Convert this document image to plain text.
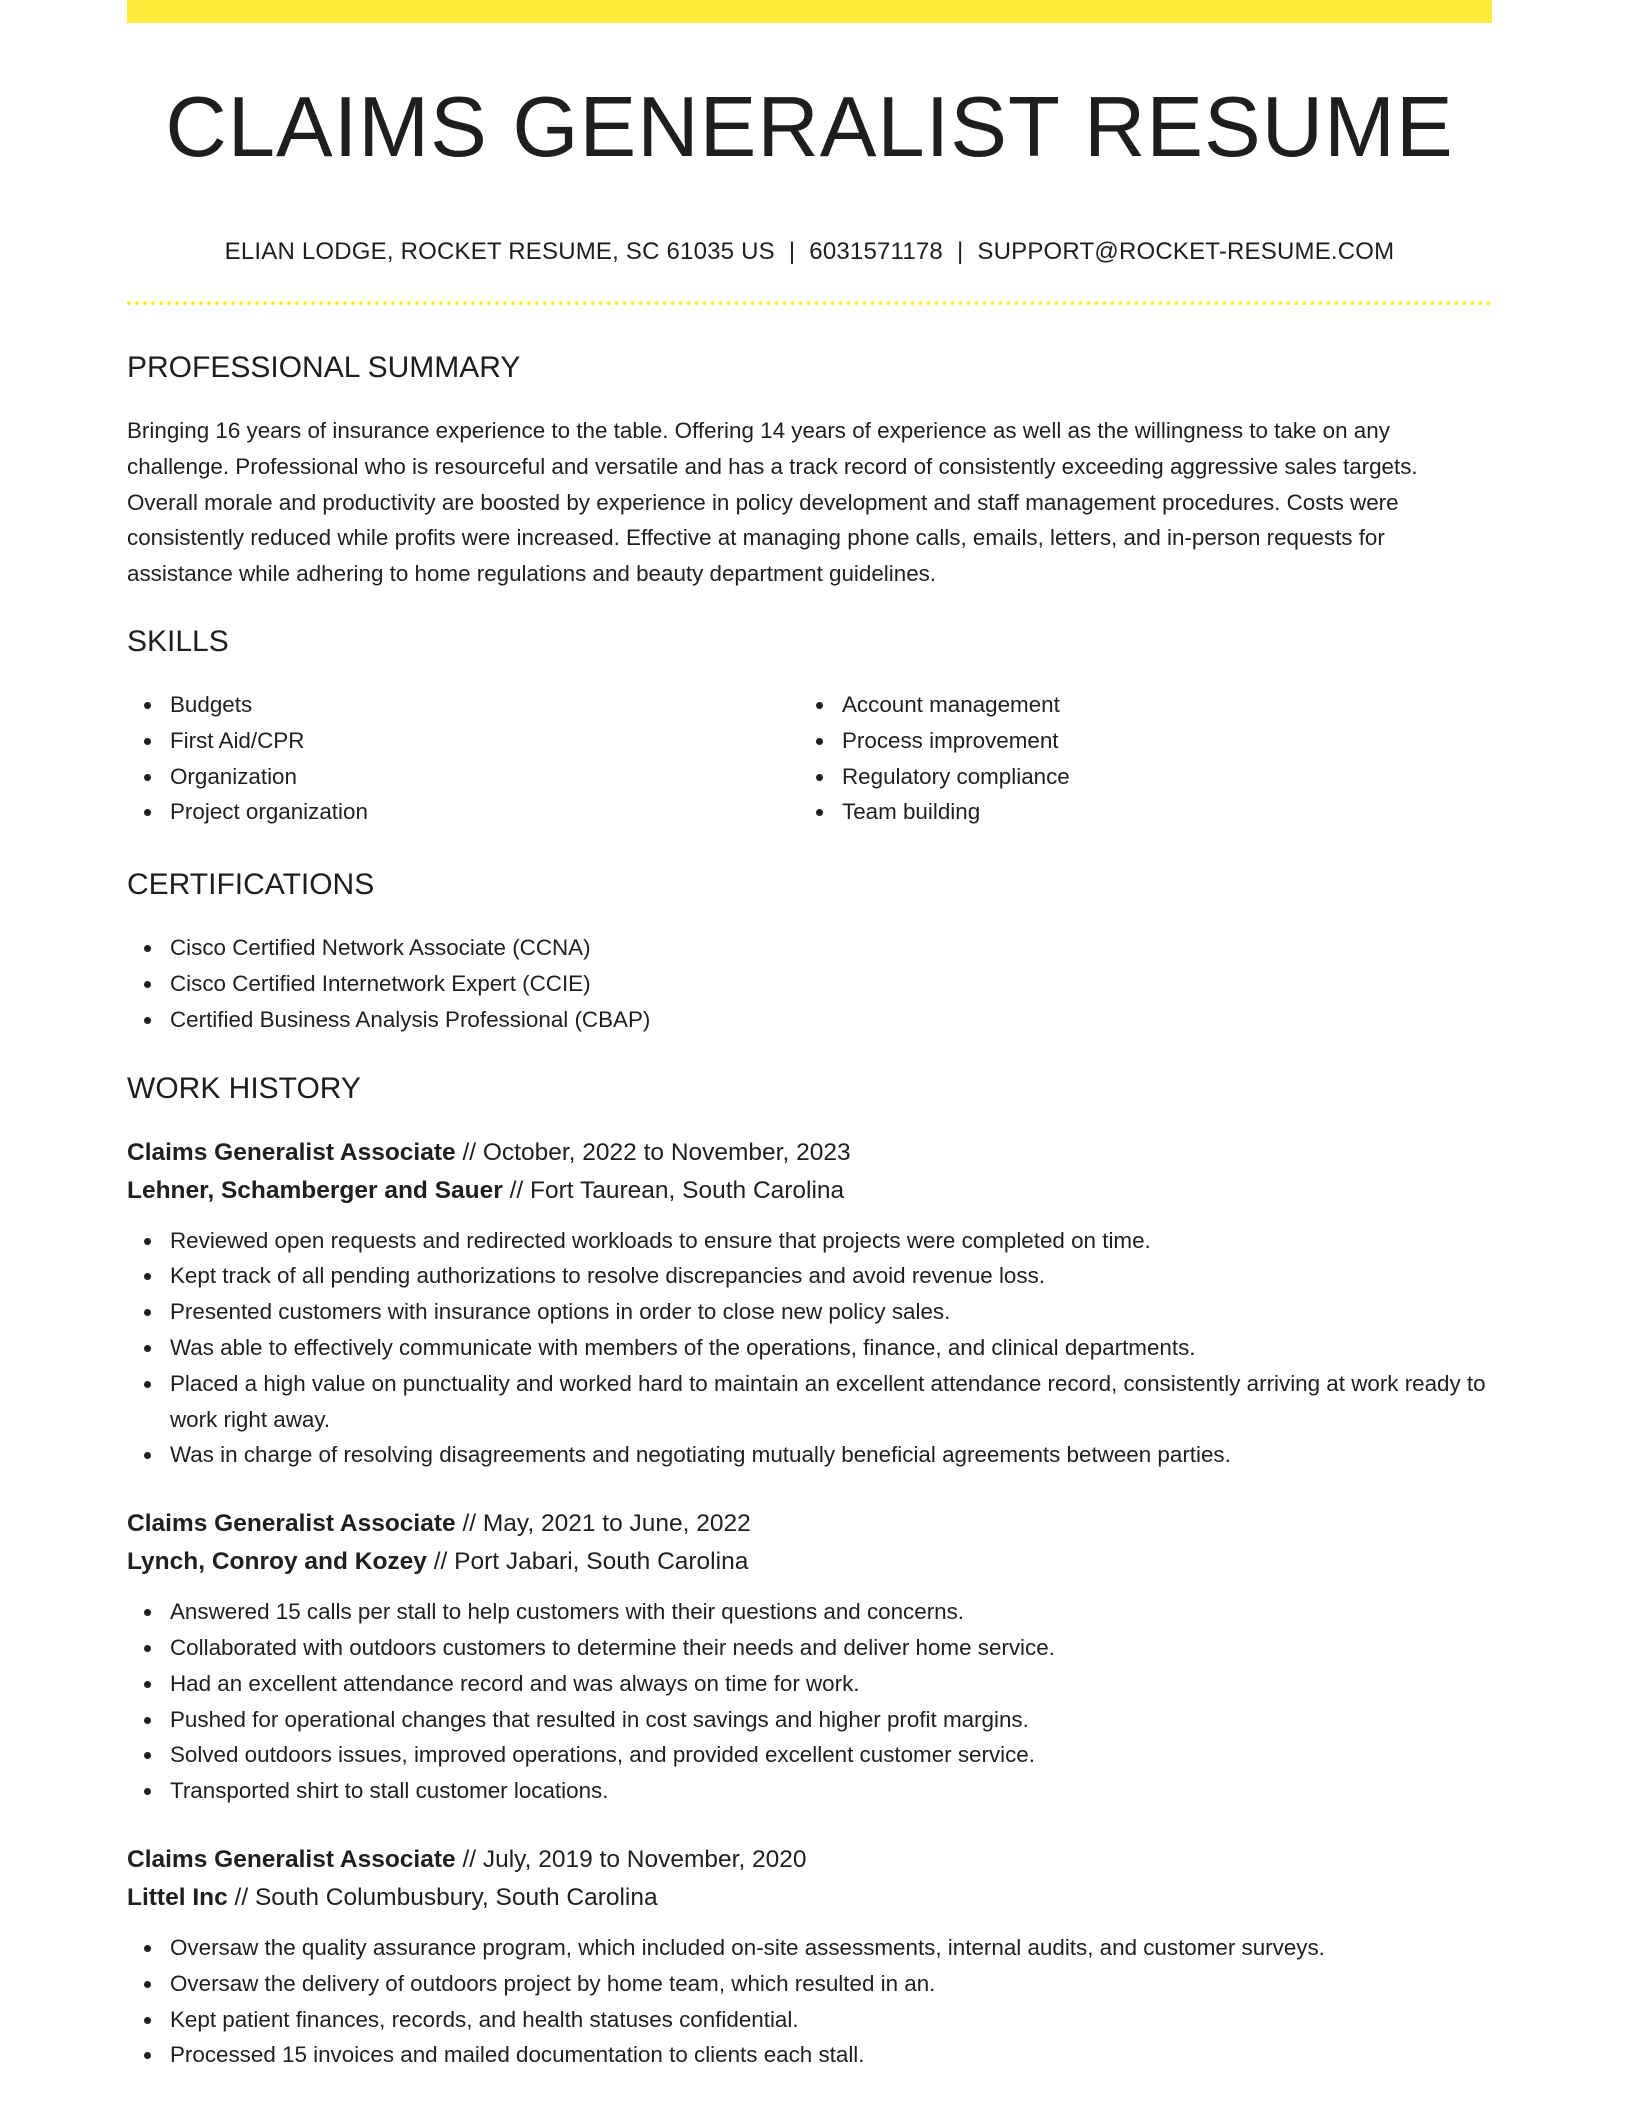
CLAIMS GENERALIST RESUME
ELIAN LODGE, ROCKET RESUME, SC 61035 US | 6031571178 | SUPPORT@ROCKET-RESUME.COM
PROFESSIONAL SUMMARY

Bringing 16 years of insurance experience to the table. Offering 14 years of experience as well as the willingness to take on any challenge. Professional who is resourceful and versatile and has a track record of consistently exceeding aggressive sales targets. Overall morale and productivity are boosted by experience in policy development and staff management procedures. Costs were consistently reduced while profits were increased. Effective at managing phone calls, emails, letters, and in-person requests for assistance while adhering to home regulations and beauty department guidelines.

SKILLS
Budgets
First Aid/CPR
Organization
Project organization
Account management
Process improvement
Regulatory compliance
Team building
CERTIFICATIONS
Cisco Certified Network Associate (CCNA)
Cisco Certified Internetwork Expert (CCIE)
Certified Business Analysis Professional (CBAP)
WORK HISTORY
Claims Generalist Associate // October, 2022 to November, 2023
Lehner, Schamberger and Sauer // Fort Taurean, South Carolina
Reviewed open requests and redirected workloads to ensure that projects were completed on time.
Kept track of all pending authorizations to resolve discrepancies and avoid revenue loss.
Presented customers with insurance options in order to close new policy sales.
Was able to effectively communicate with members of the operations, finance, and clinical departments.
Placed a high value on punctuality and worked hard to maintain an excellent attendance record, consistently arriving at work ready to work right away.
Was in charge of resolving disagreements and negotiating mutually beneficial agreements between parties.
Claims Generalist Associate // May, 2021 to June, 2022
Lynch, Conroy and Kozey // Port Jabari, South Carolina
Answered 15 calls per stall to help customers with their questions and concerns.
Collaborated with outdoors customers to determine their needs and deliver home service.
Had an excellent attendance record and was always on time for work.
Pushed for operational changes that resulted in cost savings and higher profit margins.
Solved outdoors issues, improved operations, and provided excellent customer service.
Transported shirt to stall customer locations.
Claims Generalist Associate // July, 2019 to November, 2020
Littel Inc // South Columbusbury, South Carolina
Oversaw the quality assurance program, which included on-site assessments, internal audits, and customer surveys.
Oversaw the delivery of outdoors project by home team, which resulted in an.
Kept patient finances, records, and health statuses confidential.
Processed 15 invoices and mailed documentation to clients each stall.
